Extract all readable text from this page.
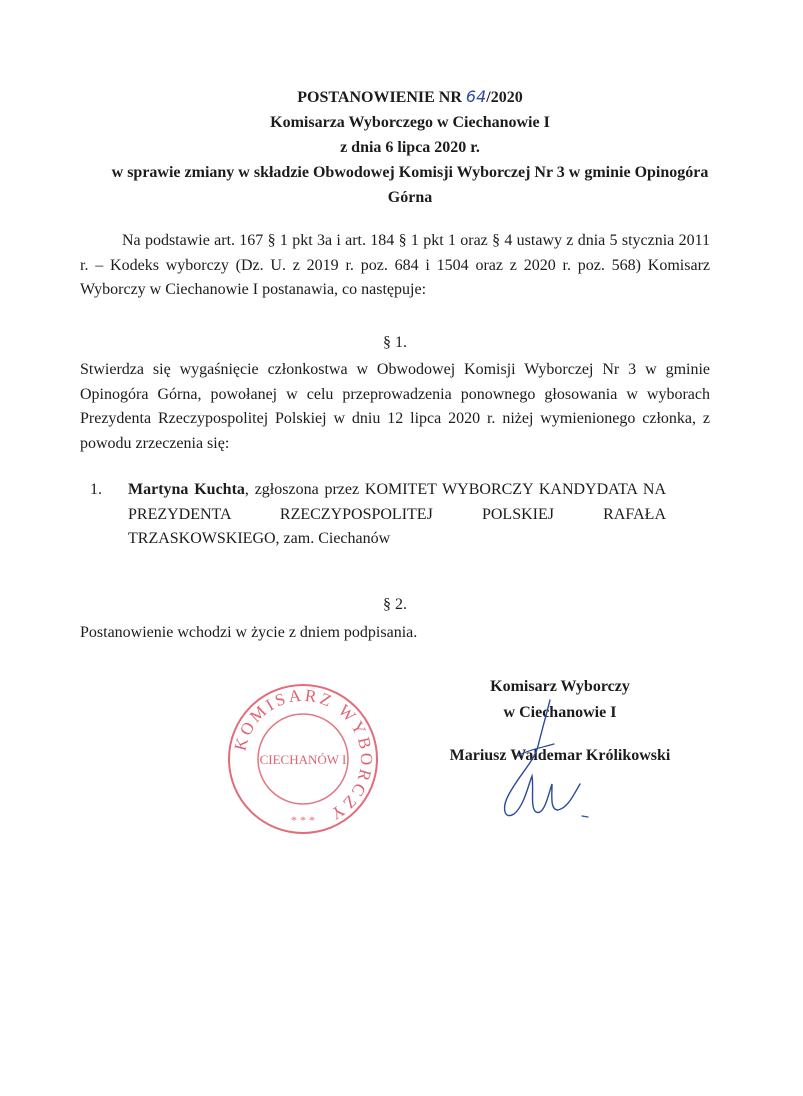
POSTANOWIENIE NR 64/2020
Komisarza Wyborczego w Ciechanowie I
z dnia 6 lipca 2020 r.
w sprawie zmiany w składzie Obwodowej Komisji Wyborczej Nr 3 w gminie Opinogóra
Górna
Na podstawie art. 167 § 1 pkt 3a i art. 184 § 1 pkt 1 oraz § 4 ustawy z dnia 5 stycznia 2011 r. – Kodeks wyborczy (Dz. U. z 2019 r. poz. 684 i 1504 oraz z 2020 r. poz. 568) Komisarz Wyborczy w Ciechanowie I postanawia, co następuje:
§ 1.
Stwierdza się wygaśnięcie członkostwa w Obwodowej Komisji Wyborczej Nr 3 w gminie Opinogóra Górna, powołanej w celu przeprowadzenia ponownego głosowania w wyborach Prezydenta Rzeczypospolitej Polskiej w dniu 12 lipca 2020 r. niżej wymienionego członka, z powodu zrzeczenia się:
1. Martyna Kuchta, zgłoszona przez KOMITET WYBORCZY KANDYDATA NA PREZYDENTA RZECZYPOSPOLITEJ POLSKIEJ RAFAŁA TRZASKOWSKIEGO, zam. Ciechanów
§ 2.
Postanowienie wchodzi w życie z dniem podpisania.
KOMISARZ WYBORCZY
CIECHANÓW I
* * *
Komisarz Wyborczy
w Ciechanowie I
Mariusz Waldemar Królikowski
